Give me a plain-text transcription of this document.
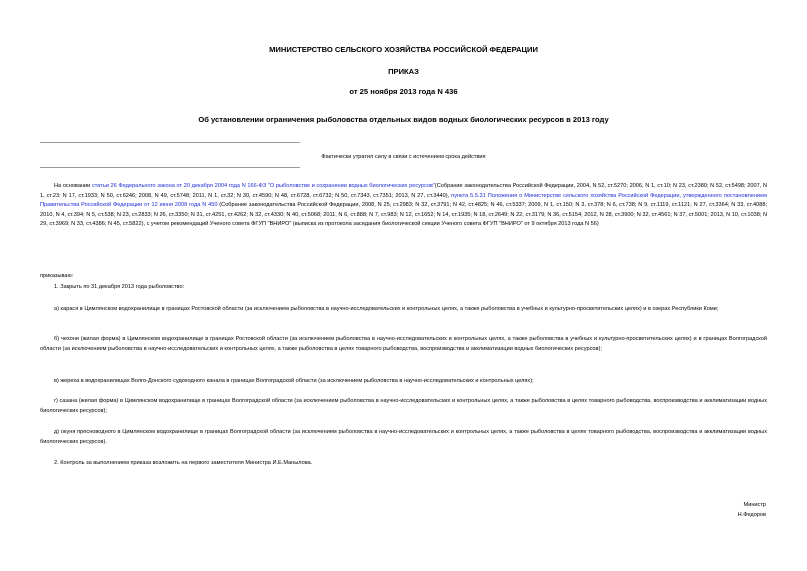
МИНИСТЕРСТВО СЕЛЬСКОГО ХОЗЯЙСТВА РОССИЙСКОЙ ФЕДЕРАЦИИ
ПРИКАЗ
от 25 ноября 2013 года N 436
Об установлении ограничения рыболовства отдельных видов водных биологических ресурсов в 2013 году
Фактически утратил силу в связи с истечением срока действия
На основании статьи 26 Федерального закона от 20 декабря 2004 года N 166-ФЗ "О рыболовстве и сохранении водных биологических ресурсов"(Собрание законодательства Российской Федерации, 2004, N 52, ст.5270; 2006, N 1, ст.10; N 23, ст.2380; N 52, ст.5498; 2007, N 1, ст.23; N 17, ст.1933; N 50, ст.6246; 2008, N 49, ст.5748; 2011, N 1, ст.32; N 30, ст.4590; N 48, ст.6728, ст.6732; N 50, ст.7343, ст.7351; 2013, N 27, ст.3440), пункта 5.5.31 Положения о Министерстве сельского хозяйства Российской Федерации, утвержденного постановлением Правительства Российской Федерации от 12 июня 2008 года N 450 (Собрание законодательства Российской Федерации, 2008, N 25, ст.2983; N 32, ст.3791; N 42, ст.4825; N 46, ст.5337; 2009, N 1, ст.150; N 3, ст.378; N 6, ст.738; N 9, ст.1119, ст.1121; N 27, ст.3364; N 33, ст.4088; 2010, N 4, ст.394; N 5, ст.538; N 23, ст.2833; N 26, ст.3350; N 31, ст.4251, ст.4262; N 32, ст.4330; N 40, ст.5068; 2011, N 6, ст.888; N 7, ст.983; N 12, ст.1652; N 14, ст.1935; N 18, ст.2649; N 22, ст.3179; N 36, ст.5154; 2012, N 28, ст.3900; N 32, ст.4561; N 37, ст.5001; 2013, N 10, ст.1038; N 29, ст.3969; N 33, ст.4386; N 45, ст.5822), с учетом рекомендаций Ученого совета ФГУП "ВНИРО" (выписка из протокола заседания биологической секции Ученого совета ФГУП "ВНИРО" от 9 октября 2013 года N 56)
приказываю:
1. Закрыть по 31 декабря 2013 года рыболовство:
а) карася в Цимлянском водохранилище в границах Ростовской области (за исключением рыболовства в научно-исследовательских и контрольных целях, а также рыболовства в учебных и культурно-просветительских целях) и в озерах Республики Коми;
б) чехони (жилая форма) в Цимлянском водохранилище в границах Ростовской области (за исключением рыболовства в научно-исследовательских и контрольных целях, а также рыболовства в учебных и культурно-просветительских целях) и в границах Волгоградской области (за исключением рыболовства в научно-исследовательских и контрольных целях, а также рыболовства в целях товарного рыбоводства, воспроизводства и акклиматизации водных биологических ресурсов);
в) жереха в водохранилищах Волго-Донского судоходного канала в границах Волгоградской области (за исключением рыболовства в научно-исследовательских и контрольных целях);
г) сазана (жилая форма) в Цимлянском водохранилище в границах Волгоградской области (за исключением рыболовства в научно-исследовательских и контрольных целях, а также рыболовства в целях товарного рыбоводства, воспроизводства и акклиматизации водных биологических ресурсов);
д) окуня пресноводного в Цимлянском водохранилище в границах Волгоградской области (за исключением рыболовства в научно-исследовательских и контрольных целях, а также рыболовства в целях товарного рыбоводства, воспроизводства и акклиматизации водных биологических ресурсов).
2. Контроль за выполнением приказа возложить на первого заместителя Министра И.Е.Манылова.
Министр
Н.Федоров
